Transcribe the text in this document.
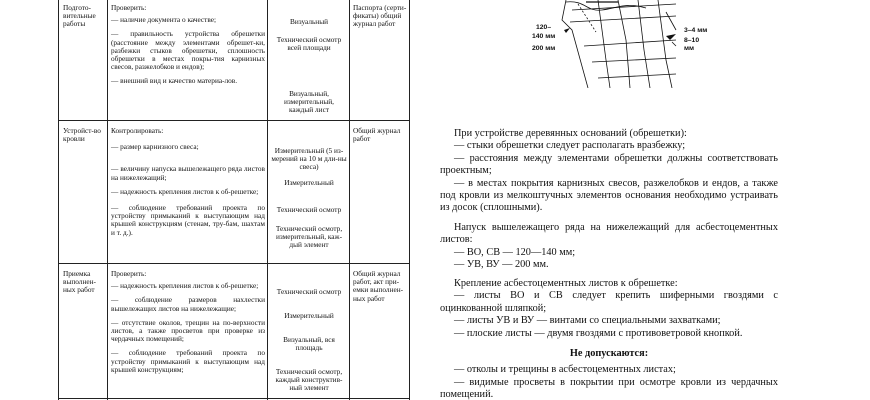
Подгото-вительные работы
Проверить:
— наличие документа о качестве;
— правильность устройства обрешетки (расстояние между элементами обрешет-ки, разбежки стыков обрешетки, сплошность обрешетки в местах покры-тия карнизных свесов, разжелобков и ендов);
— внешний вид и качество материа-лов.
Визуальный
Технический осмотр всей площади
Визуальный, измерительный, каждый лист
Паспорта (серти-фикаты) общий журнал работ
Устройст-во кровли
Контролировать:
— размер карнизного свеса;
— величину напуска вышележащего ряда листов на нижележащий;
— надежность крепления листов к об-решетке;
— соблюдение требований проекта по устройству примыканий к выступающим над крышей конструкциям (стенам, тру-бам, шахтам и т. д.).
Измерительный (5 из-мерений на 10 м дли-ны свеса)
Измерительный
Технический осмотр
Технический осмотр, измерительный, каж-дый элемент
Общий журнал работ
Приемка выполнен-ных работ
Проверить:
— надежность крепления листов к об-решетке;
— соблюдение размеров нахлестки вышележащих листов на нижележащие;
— отсутствие околов, трещин на по-верхности листов, а также просветов при проверке из чердачных помещений;
— соблюдение требований проекта по устройству примыканий к выступающим над крышей конструкциям;
Технический осмотр
Измерительный
Визуальный, вся площадь
Технический осмотр, каждый конструктив-ный элемент
Общий журнал работ, акт при-емки выполнен-ных работ
120–
140 мм
200 мм
3–4 мм
8–10 мм

При устройстве деревянных оснований (обрешетки):

— стыки обрешетки следует располагать вразбежку;

— расстояния между элементами обрешетки должны соответствовать проектным;

— в местах покрытия карнизных свесов, разжелобков и ендов, а также под кровли из мелкоштучных элементов основания необходимо устраивать из досок (сплошными).

Напуск вышележащего ряда на нижележащий для асбестоцементных листов:

— ВО, СВ — 120—140 мм;

— УВ, ВУ — 200 мм.

Крепление асбестоцементных листов к обрешетке:

— листы ВО и СВ следует крепить шиферными гвоздями с оцинкованной шляпкой;

— листы УВ и ВУ — винтами со специальными захватками;

— плоские листы — двумя гвоздями с противоветровой кнопкой.

Не допускаются:

— отколы и трещины в асбестоцементных листах;

— видимые просветы в покрытии при осмотре кровли из чердачных помещений.
